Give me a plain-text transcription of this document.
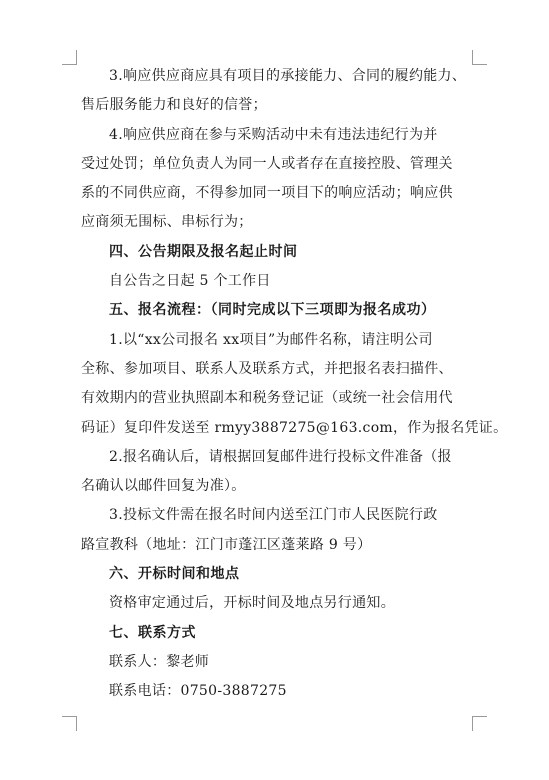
3.响应供应商应具有项目的承接能力、合同的履约能力、
售后服务能力和良好的信誉；
4.响应供应商在参与采购活动中未有违法违纪行为并
受过处罚；单位负责人为同一人或者存在直接控股、管理关
系的不同供应商，不得参加同一项目下的响应活动；响应供
应商须无围标、串标行为；
四、公告期限及报名起止时间
自公告之日起 5 个工作日
五、报名流程：（同时完成以下三项即为报名成功）
1.以“xx公司报名 xx项目”为邮件名称，请注明公司
全称、参加项目、联系人及联系方式，并把报名表扫描件、
有效期内的营业执照副本和税务登记证（或统一社会信用代
码证）复印件发送至 rmyy3887275@163.com，作为报名凭证。
2.报名确认后，请根据回复邮件进行投标文件准备（报
名确认以邮件回复为准）。
3.投标文件需在报名时间内送至江门市人民医院行政
路宣教科（地址：江门市蓬江区蓬莱路 9 号）
六、开标时间和地点
资格审定通过后，开标时间及地点另行通知。
七、联系方式
联系人：黎老师
联系电话：0750-3887275
